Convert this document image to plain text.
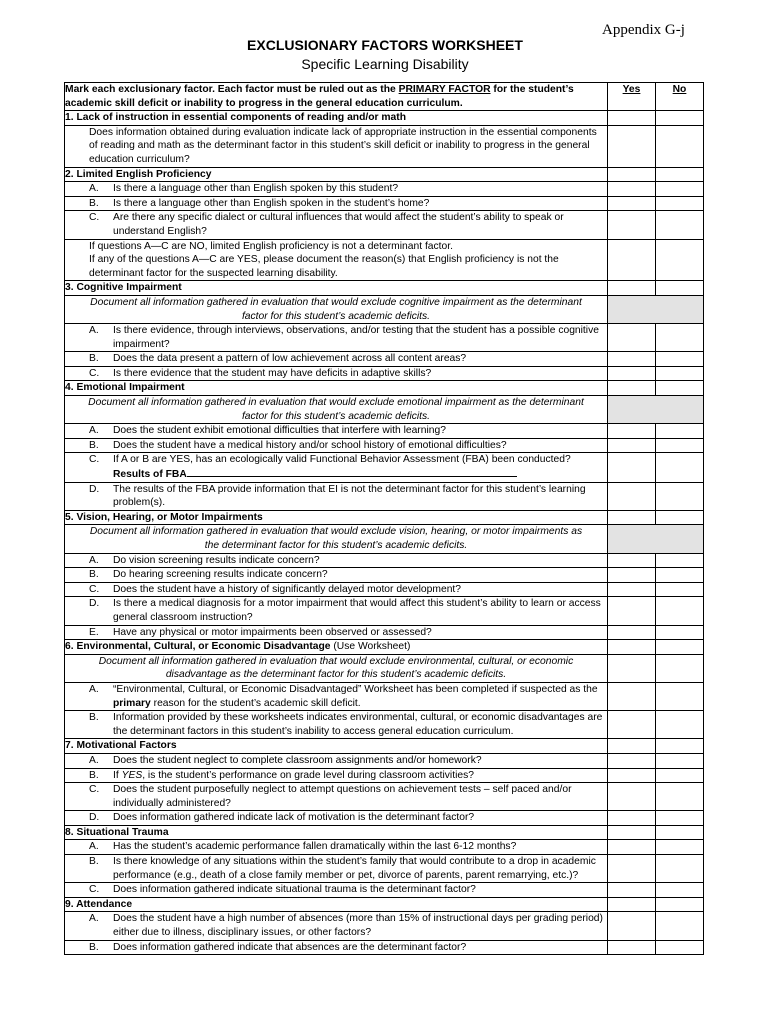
Appendix G-j
EXCLUSIONARY FACTORS WORKSHEET
Specific Learning Disability
Mark each exclusionary factor. Each factor must be ruled out as the PRIMARY FACTOR for the student’s academic skill deficit or inability to progress in the general education curriculum.	Yes	No
1. Lack of instruction in essential components of reading and/or math		

Does information obtained during evaluation indicate lack of appropriate instruction in the essential components of reading and math as the determinant factor in this student’s skill deficit or inability to progress in the general education curriculum?		

2. Limited English Proficiency		

A. Is there a language other than English spoken by this student?		

B. Is there a language other than English spoken in the student’s home?		

C. Are there any specific dialect or cultural influences that would affect the student’s ability to speak or understand English?		

If questions A—C are NO, limited English proficiency is not a determinant factor.
If any of the questions A—C are YES, please document the reason(s) that English proficiency is not the determinant factor for the suspected learning disability.		

3. Cognitive Impairment		

Document all information gathered in evaluation that would exclude cognitive impairment as the determinant factor for this student’s academic deficits.		

A. Is there evidence, through interviews, observations, and/or testing that the student has a possible cognitive impairment?		

B. Does the data present a pattern of low achievement across all content areas?		

C. Is there evidence that the student may have deficits in adaptive skills?		

4. Emotional Impairment		

Document all information gathered in evaluation that would exclude emotional impairment as the determinant factor for this student’s academic deficits.		

A. Does the student exhibit emotional difficulties that interfere with learning?		

B. Does the student have a medical history and/or school history of emotional difficulties?		

C. If A or B are YES, has an ecologically valid Functional Behavior Assessment (FBA) been conducted? Results of FBA		

D. The results of the FBA provide information that EI is not the determinant factor for this student’s learning problem(s).		

5. Vision, Hearing, or Motor Impairments		

Document all information gathered in evaluation that would exclude vision, hearing, or motor impairments as the determinant factor for this student’s academic deficits.		

A. Do vision screening results indicate concern?		

B. Do hearing screening results indicate concern?		

C. Does the student have a history of significantly delayed motor development?		

D. Is there a medical diagnosis for a motor impairment that would affect this student’s ability to learn or access general classroom instruction?		

E. Have any physical or motor impairments been observed or assessed?		

6. Environmental, Cultural, or Economic Disadvantage (Use Worksheet)		

Document all information gathered in evaluation that would exclude environmental, cultural, or economic disadvantage as the determinant factor for this student’s academic deficits.		

A. “Environmental, Cultural, or Economic Disadvantaged” Worksheet has been completed if suspected as the primary reason for the student’s academic skill deficit.		

B. Information provided by these worksheets indicates environmental, cultural, or economic disadvantages are the determinant factors in this student’s inability to access general education curriculum.		

7. Motivational Factors		

A. Does the student neglect to complete classroom assignments and/or homework?		

B. If YES, is the student’s performance on grade level during classroom activities?		

C. Does the student purposefully neglect to attempt questions on achievement tests – self paced and/or individually administered?		

D. Does information gathered indicate lack of motivation is the determinant factor?		

8. Situational Trauma		

A. Has the student’s academic performance fallen dramatically within the last 6-12 months?		

B. Is there knowledge of any situations within the student’s family that would contribute to a drop in academic performance (e.g., death of a close family member or pet, divorce of parents, parent remarrying, etc.)?		

C. Does information gathered indicate situational trauma is the determinant factor?		

9. Attendance		

A. Does the student have a high number of absences (more than 15% of instructional days per grading period) either due to illness, disciplinary issues, or other factors?		

B. Does information gathered indicate that absences are the determinant factor?		
